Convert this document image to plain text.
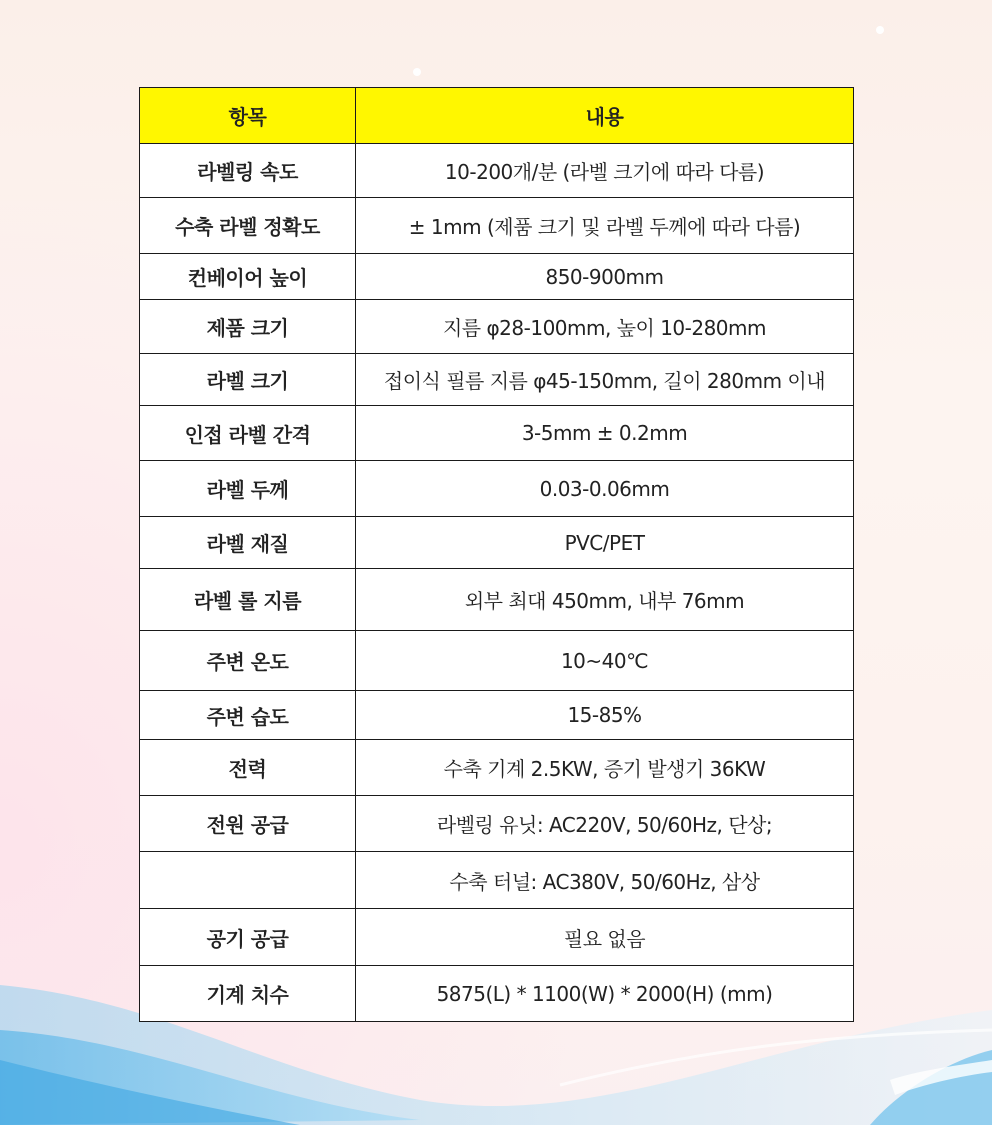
항목	내용
라벨링 속도	10-200개/분 (라벨 크기에 따라 다름)
수축 라벨 정확도	± 1mm (제품 크기 및 라벨 두께에 따라 다름)
컨베이어 높이	850-900mm
제품 크기	지름 φ28-100mm, 높이 10-280mm
라벨 크기	접이식 필름 지름 φ45-150mm, 길이 280mm 이내
인접 라벨 간격	3-5mm ± 0.2mm
라벨 두께	0.03-0.06mm
라벨 재질	PVC/PET
라벨 롤 지름	외부 최대 450mm, 내부 76mm
주변 온도	10~40℃
주변 습도	15-85%
전력	수축 기계 2.5KW, 증기 발생기 36KW
전원 공급	라벨링 유닛: AC220V, 50/60Hz, 단상;
	수축 터널: AC380V, 50/60Hz, 삼상
공기 공급	필요 없음
기계 치수	5875(L) * 1100(W) * 2000(H) (mm)
